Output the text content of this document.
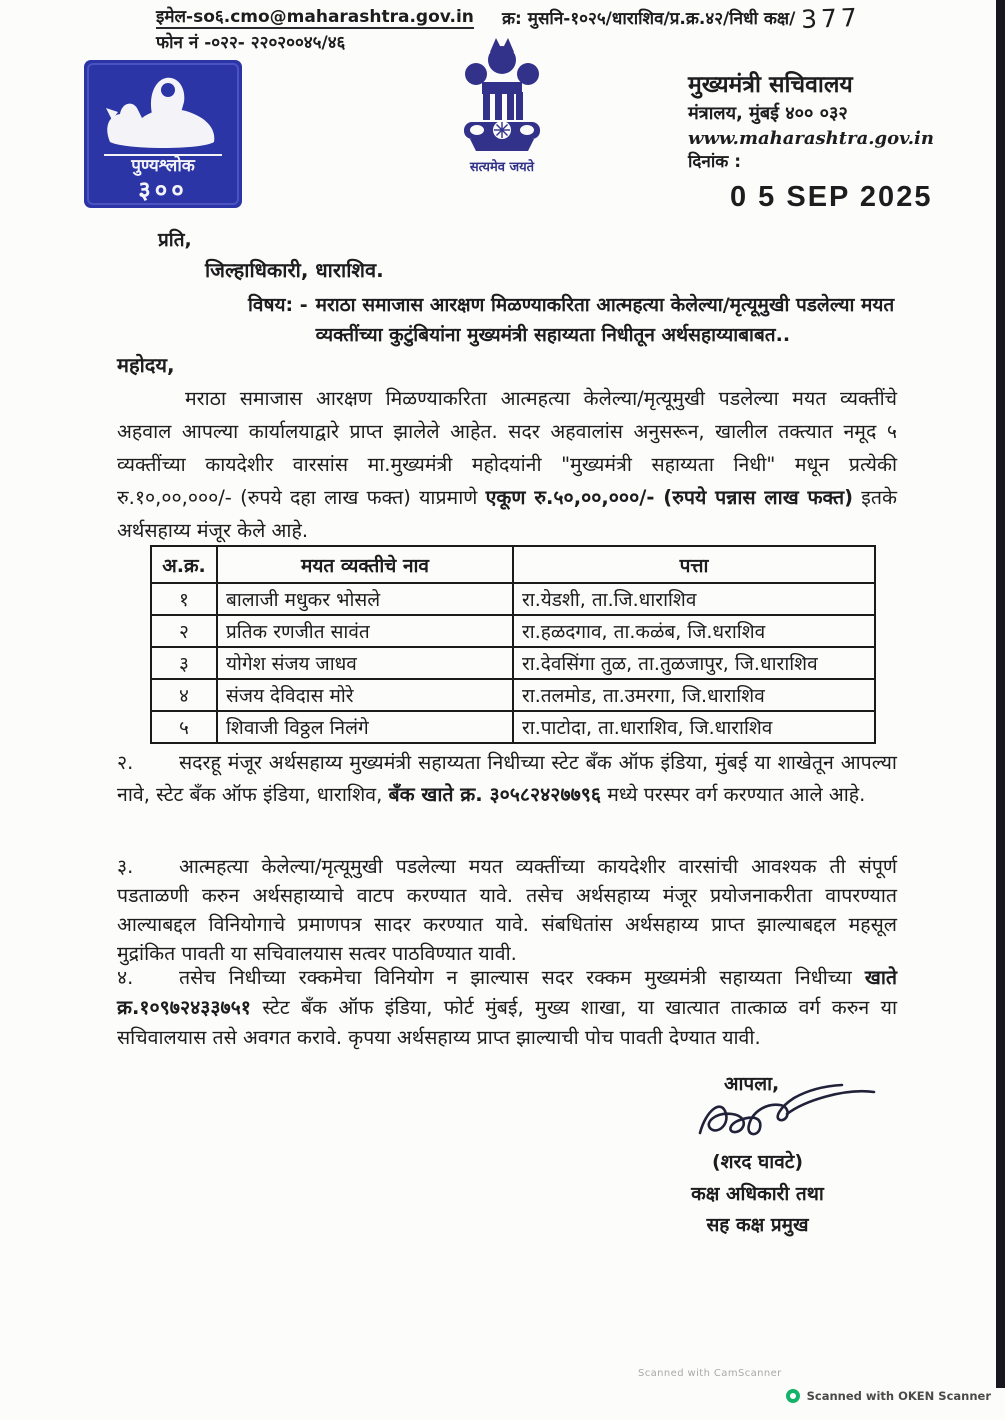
इमेल-so६.cmo@maharashtra.gov.in
फोन नं -०२२- २२०२००४५/४६
क्र: मुसनि-१०२५/धाराशिव/प्र.क्र.४२/निधी कक्ष/ 377
पुण्यश्लोक
३००
सत्यमेव जयते
मुख्यमंत्री सचिवालय
मंत्रालय, मुंबई ४०० ०३२
www.maharashtra.gov.in
दिनांक :
0 5 SEP 2025
प्रति,
जिल्हाधिकारी, धाराशिव.
विषय: - मराठा समाजास आरक्षण मिळण्याकरिता आत्महत्या केलेल्या/मृत्यूमुखी पडलेल्या मयत व्यक्तींच्या कुटुंबियांना मुख्यमंत्री सहाय्यता निधीतून अर्थसहाय्याबाबत..
महोदय,

मराठा समाजास आरक्षण मिळण्याकरिता आत्महत्या केलेल्या/मृत्यूमुखी पडलेल्या मयत व्यक्तींचे अहवाल आपल्या कार्यालयाद्वारे प्राप्त झालेले आहेत. सदर अहवालांस अनुसरून, खालील तक्त्यात नमूद ५ व्यक्तींच्या कायदेशीर वारसांस मा.मुख्यमंत्री महोदयांनी "मुख्यमंत्री सहाय्यता निधी" मधून प्रत्येकी रु.१०,००,०००/- (रुपये दहा लाख फक्त) याप्रमाणे एकूण रु.५०,००,०००/- (रुपये पन्नास लाख फक्त) इतके अर्थसहाय्य मंजूर केले आहे.

अ.क्र.	मयत व्यक्तीचे नाव	पत्ता
१	बालाजी मधुकर भोसले	रा.येडशी, ता.जि.धाराशिव
२	प्रतिक रणजीत सावंत	रा.हळदगाव, ता.कळंब, जि.धराशिव
३	योगेश संजय जाधव	रा.देवसिंगा तुळ, ता.तुळजापुर, जि.धाराशिव
४	संजय देविदास मोरे	रा.तलमोड, ता.उमरगा, जि.धाराशिव
५	शिवाजी विठ्ठल निलंगे	रा.पाटोदा, ता.धाराशिव, जि.धाराशिव

२. सदरहू मंजूर अर्थसहाय्य मुख्यमंत्री सहाय्यता निधीच्या स्टेट बँक ऑफ इंडिया, मुंबई या शाखेतून आपल्या नावे, स्टेट बँक ऑफ इंडिया, धाराशिव, बँक खाते क्र. ३०५८२४२७७९६ मध्ये परस्पर वर्ग करण्यात आले आहे.

३. आत्महत्या केलेल्या/मृत्यूमुखी पडलेल्या मयत व्यक्तींच्या कायदेशीर वारसांची आवश्यक ती संपूर्ण पडताळणी करुन अर्थसहाय्याचे वाटप करण्यात यावे. तसेच अर्थसहाय्य मंजूर प्रयोजनाकरीता वापरण्यात आल्याबद्दल विनियोगाचे प्रमाणपत्र सादर करण्यात यावे. संबधितांस अर्थसहाय्य प्राप्त झाल्याबद्दल महसूल मुद्रांकित पावती या सचिवालयास सत्वर पाठविण्यात यावी.

४. तसेच निधीच्या रक्कमेचा विनियोग न झाल्यास सदर रक्कम मुख्यमंत्री सहाय्यता निधीच्या खाते क्र.१०९७२४३३७५१ स्टेट बँक ऑफ इंडिया, फोर्ट मुंबई, मुख्य शाखा, या खात्यात तात्काळ वर्ग करुन या सचिवालयास तसे अवगत करावे. कृपया अर्थसहाय्य प्राप्त झाल्याची पोच पावती देण्यात यावी.

आपला,
(शरद घावटे)
कक्ष अधिकारी तथा
सह कक्ष प्रमुख
Scanned with CamScanner
Scanned with OKEN Scanner
